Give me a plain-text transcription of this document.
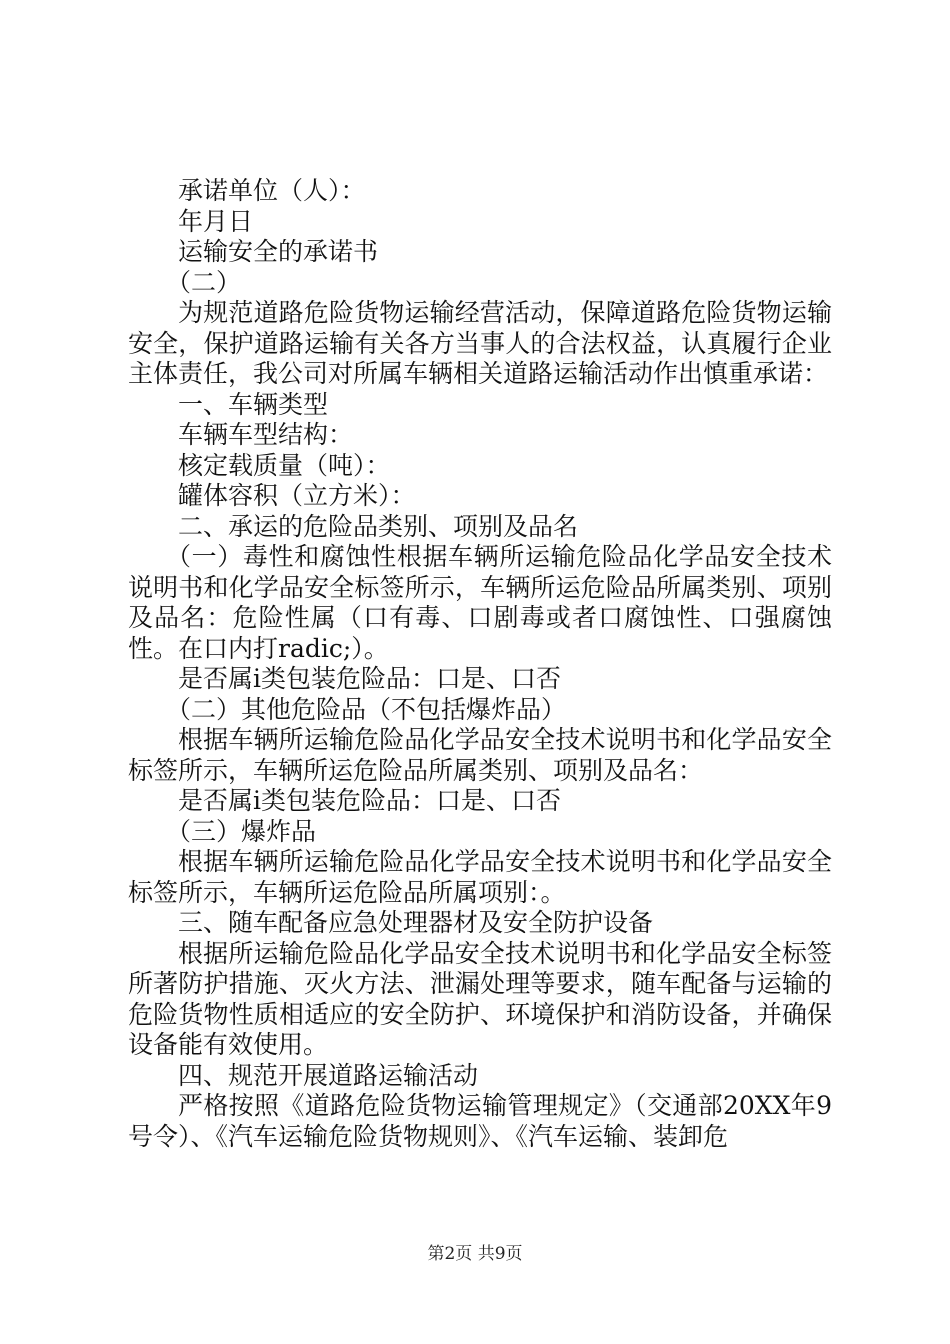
承诺单位（人）：

年月日

运输安全的承诺书

（二）

为规范道路危险货物运输经营活动，保障道路危险货物运输安全，保护道路运输有关各方当事人的合法权益，认真履行企业主体责任，我公司对所属车辆相关道路运输活动作出慎重承诺：

一、车辆类型

车辆车型结构：

核定载质量（吨）：

罐体容积（立方米）：

二、承运的危险品类别、项别及品名

（一）毒性和腐蚀性根据车辆所运输危险品化学品安全技术说明书和化学品安全标签所示，车辆所运危险品所属类别、项别及品名：危险性属（口有毒、口剧毒或者口腐蚀性、口强腐蚀性。在口内打radic;）。

是否属ⅰ类包装危险品：口是、口否

（二）其他危险品（不包括爆炸品）

根据车辆所运输危险品化学品安全技术说明书和化学品安全标签所示，车辆所运危险品所属类别、项别及品名：

是否属ⅰ类包装危险品：口是、口否

（三）爆炸品

根据车辆所运输危险品化学品安全技术说明书和化学品安全标签所示，车辆所运危险品所属项别：。

三、随车配备应急处理器材及安全防护设备

根据所运输危险品化学品安全技术说明书和化学品安全标签所著防护措施、灭火方法、泄漏处理等要求，随车配备与运输的危险货物性质相适应的安全防护、环境保护和消防设备，并确保设备能有效使用。

四、规范开展道路运输活动

严格按照《道路危险货物运输管理规定》（交通部20XX年9号令）、《汽车运输危险货物规则》、《汽车运输、装卸危

第2页 共9页
